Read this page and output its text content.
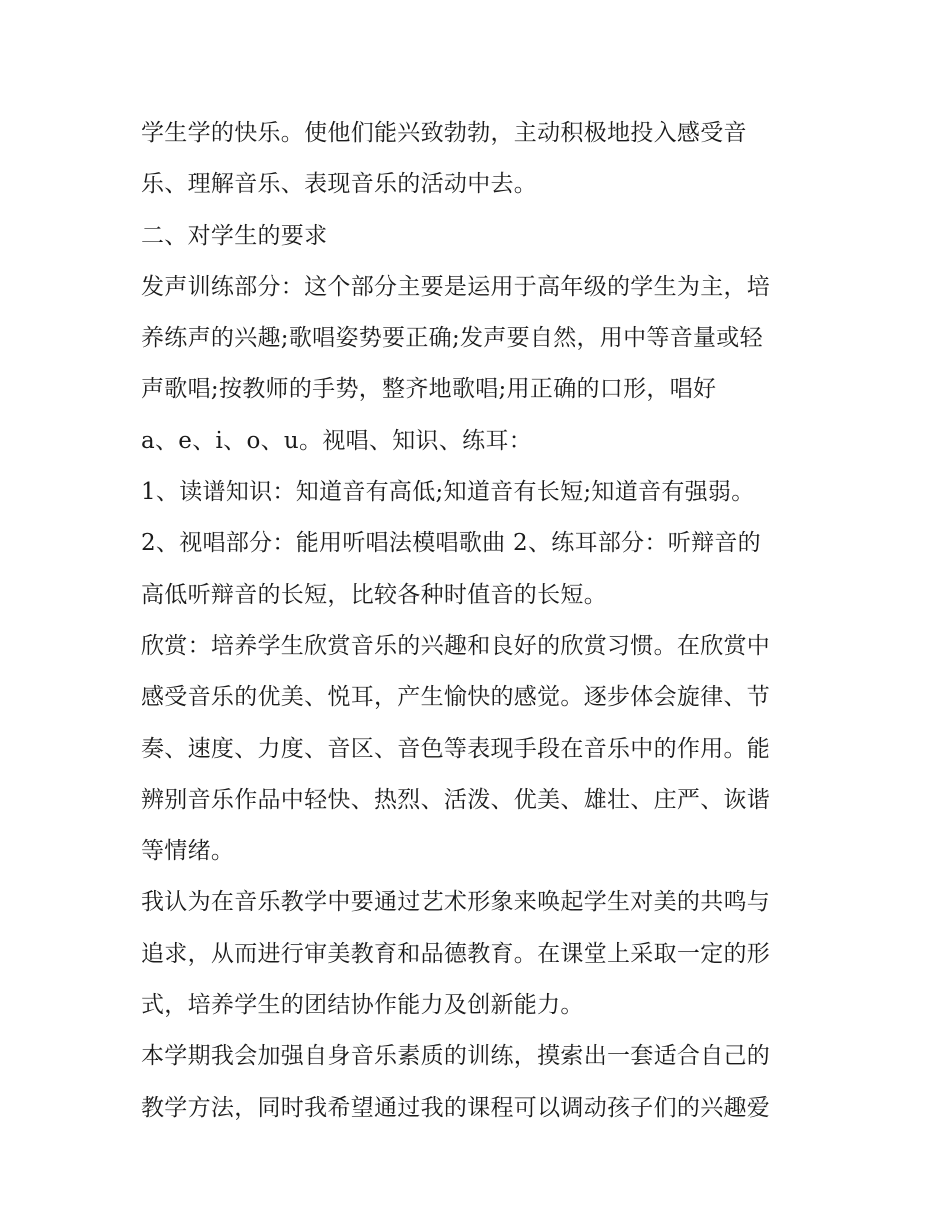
学生学的快乐。使他们能兴致勃勃，主动积极地投入感受音
乐、理解音乐、表现音乐的活动中去。
二、对学生的要求
发声训练部分：这个部分主要是运用于高年级的学生为主，培
养练声的兴趣;歌唱姿势要正确;发声要自然，用中等音量或轻
声歌唱;按教师的手势，整齐地歌唱;用正确的口形，唱好
a、e、i、o、u。视唱、知识、练耳：
1、读谱知识：知道音有高低;知道音有长短;知道音有强弱。
2、视唱部分：能用听唱法模唱歌曲 2、练耳部分：听辩音的
高低听辩音的长短，比较各种时值音的长短。
欣赏：培养学生欣赏音乐的兴趣和良好的欣赏习惯。在欣赏中
感受音乐的优美、悦耳，产生愉快的感觉。逐步体会旋律、节
奏、速度、力度、音区、音色等表现手段在音乐中的作用。能
辨别音乐作品中轻快、热烈、活泼、优美、雄壮、庄严、诙谐
等情绪。
我认为在音乐教学中要通过艺术形象来唤起学生对美的共鸣与
追求，从而进行审美教育和品德教育。在课堂上采取一定的形
式，培养学生的团结协作能力及创新能力。
本学期我会加强自身音乐素质的训练，摸索出一套适合自己的
教学方法，同时我希望通过我的课程可以调动孩子们的兴趣爱
